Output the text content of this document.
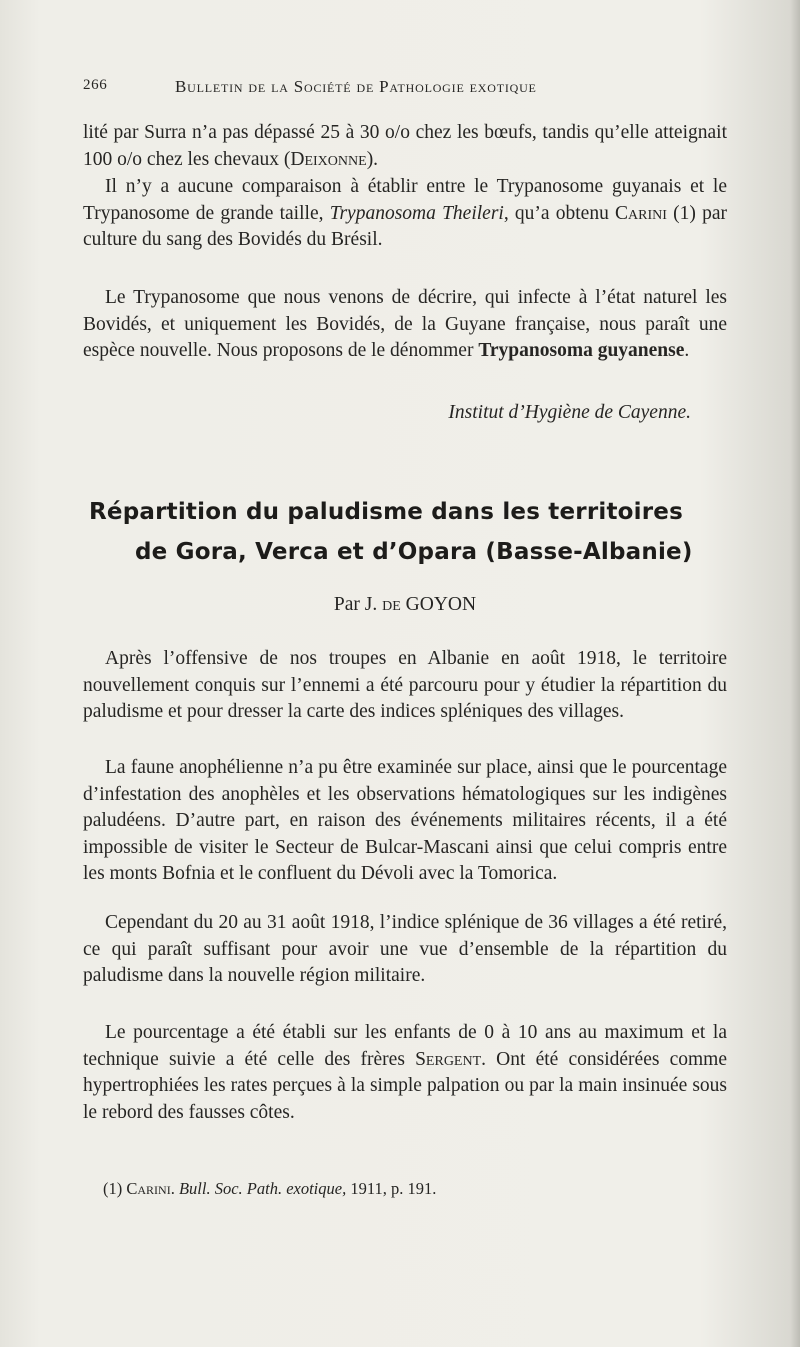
266	Bulletin de la Société de Pathologie exotique

lité par Surra n’a pas dépassé 25 à 30 o/o chez les bœufs, tandis qu’elle atteignait 100 o/o chez les chevaux (Deixonne).

Il n’y a aucune comparaison à établir entre le Trypanosome guyanais et le Trypanosome de grande taille, Trypanosoma Theileri, qu’a obtenu Carini (1) par culture du sang des Bovidés du Brésil.

Le Trypanosome que nous venons de décrire, qui infecte à l’état naturel les Bovidés, et uniquement les Bovidés, de la Guyane française, nous paraît une espèce nouvelle. Nous proposons de le dénommer Trypanosoma guyanense.

Institut d’Hygiène de Cayenne.
Répartition du paludisme dans les territoires
de Gora, Verca et d’Opara (Basse-Albanie)
Par J. de GOYON

Après l’offensive de nos troupes en Albanie en août 1918, le territoire nouvellement conquis sur l’ennemi a été parcouru pour y étudier la répartition du paludisme et pour dresser la carte des indices spléniques des villages.

La faune anophélienne n’a pu être examinée sur place, ainsi que le pourcentage d’infestation des anophèles et les observations hématologiques sur les indigènes paludéens. D’autre part, en raison des événements militaires récents, il a été impossible de visiter le Secteur de Bulcar-Mascani ainsi que celui compris entre les monts Bofnia et le confluent du Dévoli avec la Tomorica.

Cependant du 20 au 31 août 1918, l’indice splénique de 36 villages a été retiré, ce qui paraît suffisant pour avoir une vue d’ensemble de la répartition du paludisme dans la nouvelle région militaire.

Le pourcentage a été établi sur les enfants de 0 à 10 ans au maximum et la technique suivie a été celle des frères Sergent. Ont été considérées comme hypertrophiées les rates perçues à la simple palpation ou par la main insinuée sous le rebord des fausses côtes.

(1) Carini. Bull. Soc. Path. exotique, 1911, p. 191.
